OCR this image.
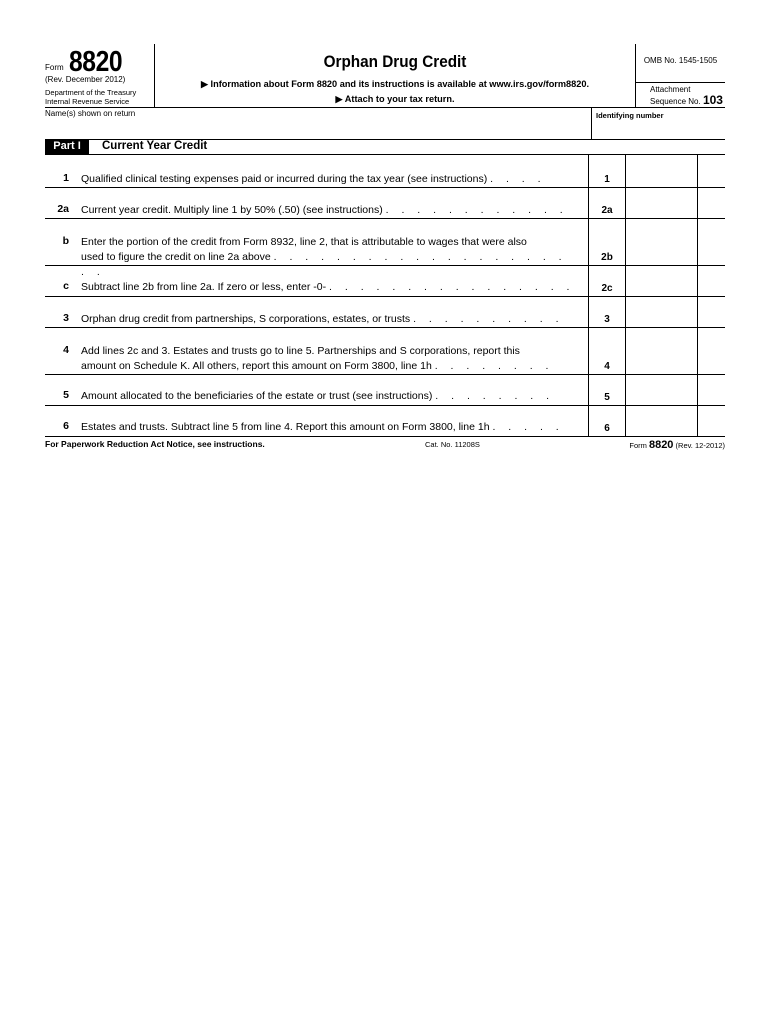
Form 8820
(Rev. December 2012)
Department of the Treasury
Internal Revenue Service
Orphan Drug Credit
▶ Information about Form 8820 and its instructions is available at www.irs.gov/form8820.
▶ Attach to your tax return.
OMB No. 1545-1505
Attachment
Sequence No. 103
Name(s) shown on return	Identifying number
Part I	Current Year Credit
1 Qualified clinical testing expenses paid or incurred during the tax year (see instructions) . . . .	1
2a Current year credit. Multiply line 1 by 50% (.50) (see instructions) . . . . . . . . . . . .	2a
b Enter the portion of the credit from Form 8932, line 2, that is attributable to wages that were also
used to figure the credit on line 2a above . . . . . . . . . . . . . . . . . . . . .
2b
c Subtract line 2b from line 2a. If zero or less, enter -0- . . . . . . . . . . . . . . . .	2c
3 Orphan drug credit from partnerships, S corporations, estates, or trusts . . . . . . . . . .	3
4 Add lines 2c and 3. Estates and trusts go to line 5. Partnerships and S corporations, report this
amount on Schedule K. All others, report this amount on Form 3800, line 1h . . . . . . . .	4
5 Amount allocated to the beneficiaries of the estate or trust (see instructions) . . . . . . . .	5
6 Estates and trusts. Subtract line 5 from line 4. Report this amount on Form 3800, line 1h . . . . .	6
For Paperwork Reduction Act Notice, see instructions.	Cat. No. 11208S	Form 8820 (Rev. 12-2012)
